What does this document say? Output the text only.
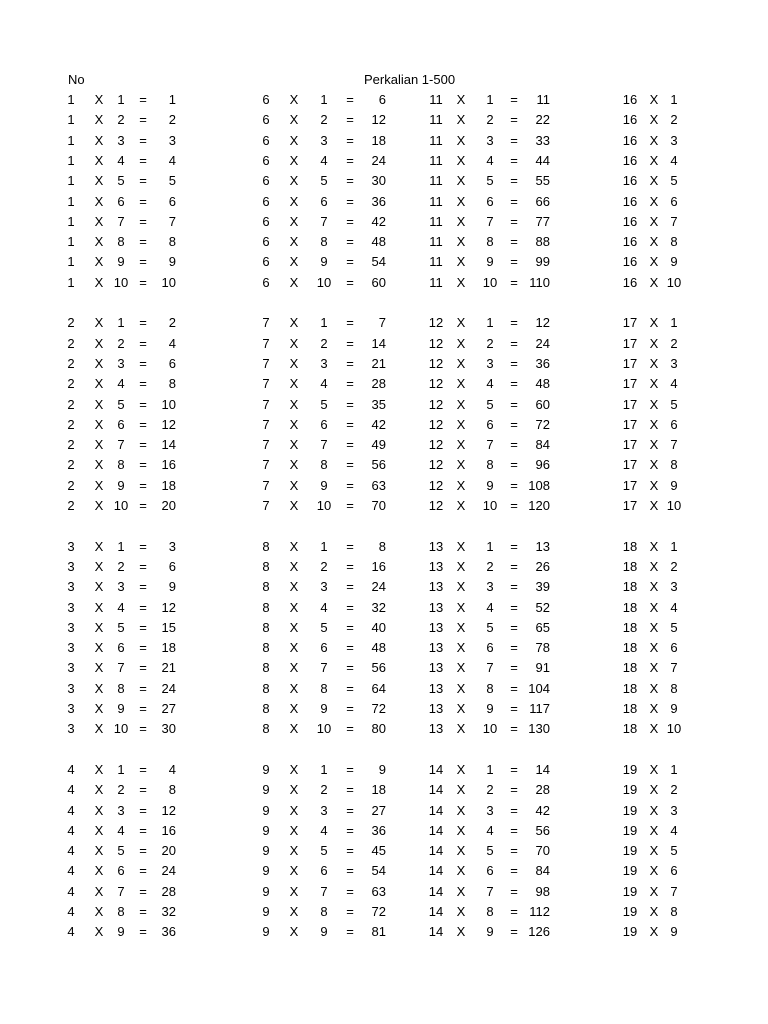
No	Perkalian 1-500
1	X	1	=	1
1	X	2	=	2
1	X	3	=	3
1	X	4	=	4
1	X	5	=	5
1	X	6	=	6
1	X	7	=	7
1	X	8	=	8
1	X	9	=	9
1	X 10 =	10
2	X	1	=	2
2	X	2	=	4
2	X	3	=	6
2	X	4	=	8
2	X	5	=	10
2	X	6	=	12
2	X	7	=	14
2	X	8	=	16
2	X	9	=	18
2	X 10 =	20
3	X	1	=	3
3	X	2	=	6
3	X	3	=	9
3	X	4	=	12
3	X	5	=	15
3	X	6	=	18
3	X	7	=	21
3	X	8	=	24
3	X	9	=	27
3	X 10 =	30
4	X	1	=	4
4	X	2	=	8
4	X	3	=	12
4	X	4	=	16
4	X	5	=	20
4	X	6	=	24
4	X	7	=	28
4	X	8	=	32
4	X	9	=	36
6	X	1	=	6
6	X	2	=	12
6	X	3	=	18
6	X	4	=	24
6	X	5	=	30
6	X	6	=	36
6	X	7	=	42
6	X	8	=	48
6	X	9	=	54
6	X	10	=	60
7	X	1	=	7
7	X	2	=	14
7	X	3	=	21
7	X	4	=	28
7	X	5	=	35
7	X	6	=	42
7	X	7	=	49
7	X	8	=	56
7	X	9	=	63
7	X	10	=	70
8	X	1	=	8
8	X	2	=	16
8	X	3	=	24
8	X	4	=	32
8	X	5	=	40
8	X	6	=	48
8	X	7	=	56
8	X	8	=	64
8	X	9	=	72
8	X	10	=	80
9	X	1	=	9
9	X	2	=	18
9	X	3	=	27
9	X	4	=	36
9	X	5	=	45
9	X	6	=	54
9	X	7	=	63
9	X	8	=	72
9	X	9	=	81
11	X	1	=	11
11	X	2	=	22
11	X	3	=	33
11	X	4	=	44
11	X	5	=	55
11	X	6	=	66
11	X	7	=	77
11	X	8	=	88
11	X	9	=	99
11	X	10 = 110
12	X	1	=	12
12	X	2	=	24
12	X	3	=	36
12	X	4	=	48
12	X	5	=	60
12	X	6	=	72
12	X	7	=	84
12	X	8	=	96
12	X	9	= 108
12	X	10 = 120
13	X	1	=	13
13	X	2	=	26
13	X	3	=	39
13	X	4	=	52
13	X	5	=	65
13	X	6	=	78
13	X	7	=	91
13	X	8	= 104
13	X	9	= 117
13	X	10 = 130
14	X	1	=	14
14	X	2	=	28
14	X	3	=	42
14	X	4	=	56
14	X	5	=	70
14	X	6	=	84
14	X	7	=	98
14	X	8	= 112
14	X	9	= 126
16 X 1
16 X 2
16 X 3
16 X 4
16 X 5
16 X 6
16 X 7
16 X 8
16 X 9
16 X 10
17 X 1
17 X 2
17 X 3
17 X 4
17 X 5
17 X 6
17 X 7
17 X 8
17 X 9
17 X 10
18 X 1
18 X 2
18 X 3
18 X 4
18 X 5
18 X 6
18 X 7
18 X 8
18 X 9
18 X 10
19 X 1
19 X 2
19 X 3
19 X 4
19 X 5
19 X 6
19 X 7
19 X 8
19 X 9
